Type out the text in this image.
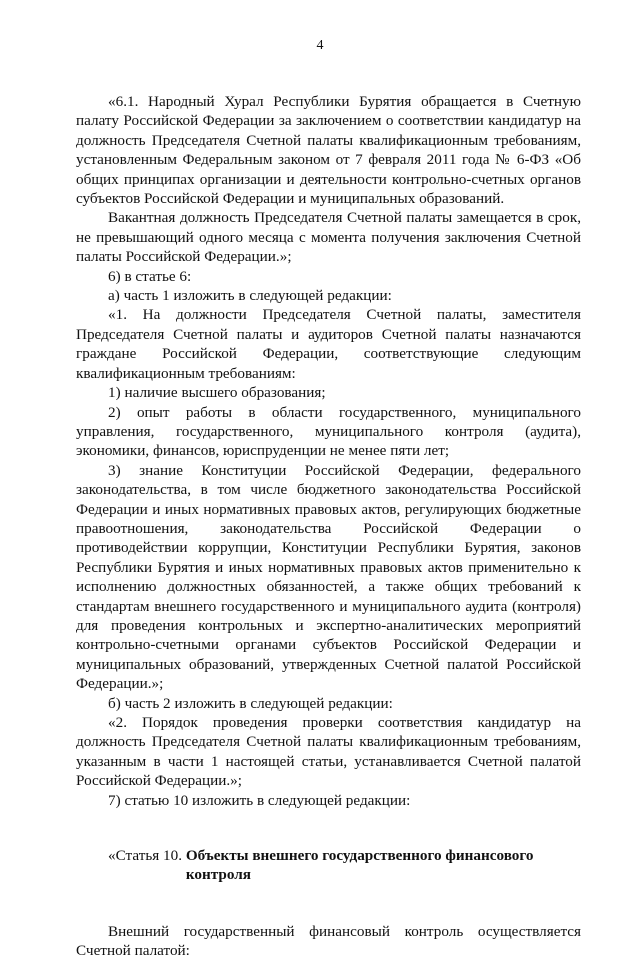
4

«6.1. Народный Хурал Республики Бурятия обращается в Счетную палату Российской Федерации за заключением о соответствии кандидатур на должность Председателя Счетной палаты квалификационным требованиям, установленным Федеральным законом от 7 февраля 2011 года № 6-ФЗ «Об общих принципах организации и деятельности контрольно-счетных органов субъектов Российской Федерации и муниципальных образований.

Вакантная должность Председателя Счетной палаты замещается в срок, не превышающий одного месяца с момента получения заключения Счетной палаты Российской Федерации.»;

6) в статье 6:

а) часть 1 изложить в следующей редакции:

«1. На должности Председателя Счетной палаты, заместителя Председателя Счетной палаты и аудиторов Счетной палаты назначаются граждане Российской Федерации, соответствующие следующим квалификационным требованиям:

1) наличие высшего образования;

2) опыт работы в области государственного, муниципального управления, государственного, муниципального контроля (аудита), экономики, финансов, юриспруденции не менее пяти лет;

3) знание Конституции Российской Федерации, федерального законодательства, в том числе бюджетного законодательства Российской Федерации и иных нормативных правовых актов, регулирующих бюджетные правоотношения, законодательства Российской Федерации о противодействии коррупции, Конституции Республики Бурятия, законов Республики Бурятия и иных нормативных правовых актов применительно к исполнению должностных обязанностей, а также общих требований к стандартам внешнего государственного и муниципального аудита (контроля) для проведения контрольных и экспертно-аналитических мероприятий контрольно-счетными органами субъектов Российской Федерации и муниципальных образований, утвержденных Счетной палатой Российской Федерации.»;

б) часть 2 изложить в следующей редакции:

«2. Порядок проведения проверки соответствия кандидатур на должность Председателя Счетной палаты квалификационным требованиям, указанным в части 1 настоящей статьи, устанавливается Счетной палатой Российской Федерации.»;

7) статью 10 изложить в следующей редакции:

«Статья 10. Объекты внешнего государственного финансового контроля

Внешний государственный финансовый контроль осуществляется Счетной палатой:
